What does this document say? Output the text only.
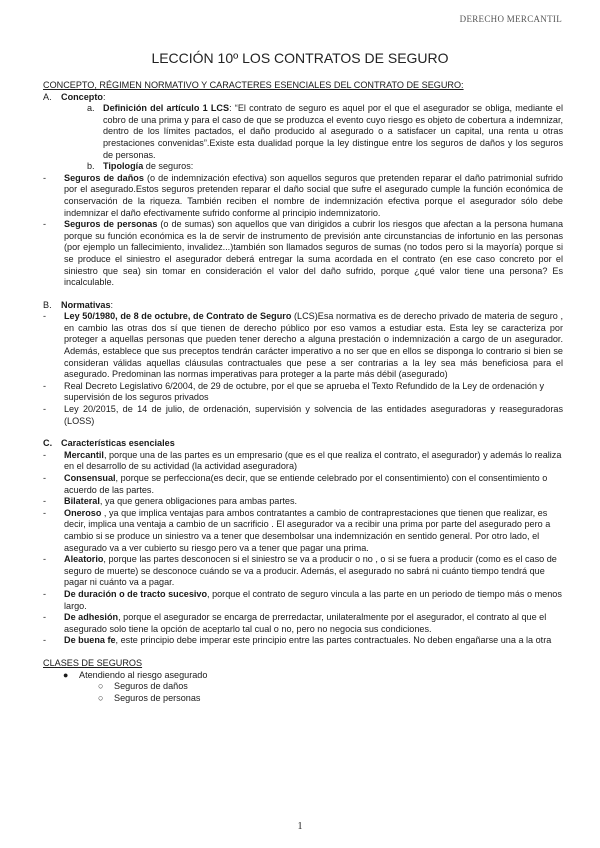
DERECHO MERCANTIL
LECCIÓN 10º LOS CONTRATOS DE SEGURO

CONCEPTO, RÉGIMEN NORMATIVO Y CARACTERES ESENCIALES DEL CONTRATO DE SEGURO:

A. Concepto:
a. Definición del artículo 1 LCS: “El contrato de seguro es aquel por el que el asegurador se obliga, mediante el cobro de una prima y para el caso de que se produzca el evento cuyo riesgo es objeto de cobertura a indemnizar, dentro de los límites pactados, el daño producido al asegurado o a satisfacer un capital, una renta u otras prestaciones convenidas”.Existe esta dualidad porque la ley distingue entre los seguros de daños y los seguros de personas.
b. Tipología de seguros:
- Seguros de daños (o de indemnización efectiva) son aquellos seguros que pretenden reparar el daño patrimonial sufrido por el asegurado.Estos seguros pretenden reparar el daño social que sufre el asegurado cumple la función económica de conservación de la riqueza. También reciben el nombre de indemnización efectiva porque el asegurador sólo debe indemnizar el daño efectivamente sufrido conforme al principio indemnizatorio.
- Seguros de personas (o de sumas) son aquellos que van dirigidos a cubrir los riesgos que afectan a la persona humana porque su función económica es la de servir de instrumento de previsión ante circunstancias de infortunio en las personas (por ejemplo un fallecimiento, invalidez...)también son llamados seguros de sumas (no todos pero si la mayoría) porque si se produce el siniestro el asegurador deberá entregar la suma acordada en el contrato (en ese caso concreto por el siniestro que sea) sin tomar en consideración el valor del daño sufrido, porque ¿qué valor tiene una persona? Es incalculable.
B. Normativas:
- Ley 50/1980, de 8 de octubre, de Contrato de Seguro (LCS)Esa normativa es de derecho privado de materia de seguro , en cambio las otras dos sí que tienen de derecho público por eso vamos a estudiar esta. Esta ley se caracteriza por proteger a aquellas personas que pueden tener derecho a alguna prestación o indemnización a cargo de un asegurador. Además, establece que sus preceptos tendrán carácter imperativo a no ser que en ellos se disponga lo contrario si bien se consideran válidas aquellas cláusulas contractuales que pese a ser contrarias a la ley sea más beneficiosa para el asegurado. Predominan las normas imperativas para proteger a la parte más débil (asegurado)
- Real Decreto Legislativo 6/2004, de 29 de octubre, por el que se aprueba el Texto Refundido de la Ley de ordenación y supervisión de los seguros privados
- Ley 20/2015, de 14 de julio, de ordenación, supervisión y solvencia de las entidades aseguradoras y reaseguradoras (LOSS)
C. Características esenciales
- Mercantil, porque una de las partes es un empresario (que es el que realiza el contrato, el asegurador) y además lo realiza en el desarrollo de su actividad (la actividad aseguradora)
- Consensual, porque se perfecciona(es decir, que se entiende celebrado por el consentimiento) con el consentimiento o acuerdo de las partes.
- Bilateral, ya que genera obligaciones para ambas partes.
- Oneroso , ya que implica ventajas para ambos contratantes a cambio de contraprestaciones que tienen que realizar, es decir, implica una ventaja a cambio de un sacrificio . El asegurador va a recibir una prima por parte del asegurado pero a cambio si se produce un siniestro va a tener que desembolsar una indemnización en sentido general. Por otro lado, el asegurado va a ver cubierto su riesgo pero va a tener que pagar una prima.
- Aleatorio, porque las partes desconocen si el siniestro se va a producir o no , o si se fuera a producir (como es el caso de seguro de muerte) se desconoce cuándo se va a producir. Además, el asegurado no sabrá ni cuánto tiempo tendrá que pagar ni cuánto va a pagar.
- De duración o de tracto sucesivo, porque el contrato de seguro vincula a las parte en un periodo de tiempo más o menos largo.
- De adhesión, porque el asegurador se encarga de prerredactar, unilateralmente por el asegurador, el contrato al que el asegurado solo tiene la opción de aceptarlo tal cual o no, pero no negocia sus condiciones.
- De buena fe, este principio debe imperar este principio entre las partes contractuales. No deben engañarse una a la otra

CLASES DE SEGUROS

● Atendiendo al riesgo asegurado
○ Seguros de daños
○ Seguros de personas
1
